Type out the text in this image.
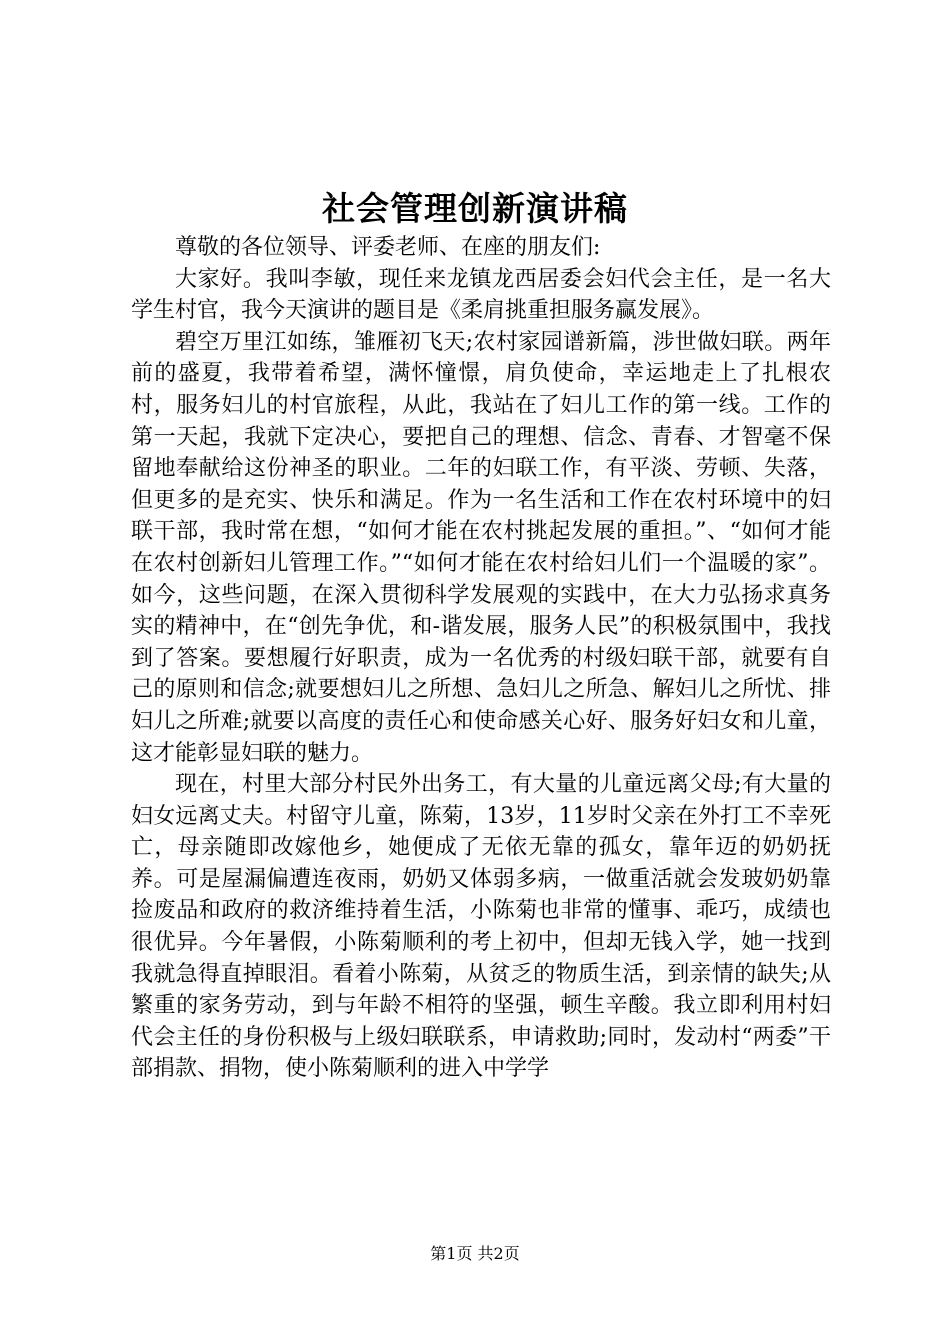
社会管理创新演讲稿

尊敬的各位领导、评委老师、在座的朋友们:

大家好。我叫李敏，现任来龙镇龙西居委会妇代会主任，是一名大学生村官，我今天演讲的题目是《柔肩挑重担服务赢发展》。

碧空万里江如练，雏雁初飞天;农村家园谱新篇，涉世做妇联。两年前的盛夏，我带着希望，满怀憧憬，肩负使命，幸运地走上了扎根农村，服务妇儿的村官旅程，从此，我站在了妇儿工作的第一线。工作的第一天起，我就下定决心，要把自己的理想、信念、青春、才智毫不保留地奉献给这份神圣的职业。二年的妇联工作，有平淡、劳顿、失落，但更多的是充实、快乐和满足。作为一名生活和工作在农村环境中的妇联干部，我时常在想，“如何才能在农村挑起发展的重担。”、“如何才能在农村创新妇儿管理工作。”“如何才能在农村给妇儿们一个温暖的家”。如今，这些问题，在深入贯彻科学发展观的实践中，在大力弘扬求真务实的精神中，在“创先争优，和-谐发展，服务人民”的积极氛围中，我找到了答案。要想履行好职责，成为一名优秀的村级妇联干部，就要有自己的原则和信念;就要想妇儿之所想、急妇儿之所急、解妇儿之所忧、排妇儿之所难;就要以高度的责任心和使命感关心好、服务好妇女和儿童，这才能彰显妇联的魅力。

现在，村里大部分村民外出务工，有大量的儿童远离父母;有大量的妇女远离丈夫。村留守儿童，陈菊，13岁，11岁时父亲在外打工不幸死亡，母亲随即改嫁他乡，她便成了无依无靠的孤女，靠年迈的奶奶抚养。可是屋漏偏遭连夜雨，奶奶又体弱多病，一做重活就会发玻奶奶靠捡废品和政府的救济维持着生活，小陈菊也非常的懂事、乖巧，成绩也很优异。今年暑假，小陈菊顺利的考上初中，但却无钱入学，她一找到我就急得直掉眼泪。看着小陈菊，从贫乏的物质生活，到亲情的缺失;从繁重的家务劳动，到与年龄不相符的坚强，顿生辛酸。我立即利用村妇代会主任的身份积极与上级妇联联系，申请救助;同时，发动村“两委”干部捐款、捐物，使小陈菊顺利的进入中学学

第1页 共2页
